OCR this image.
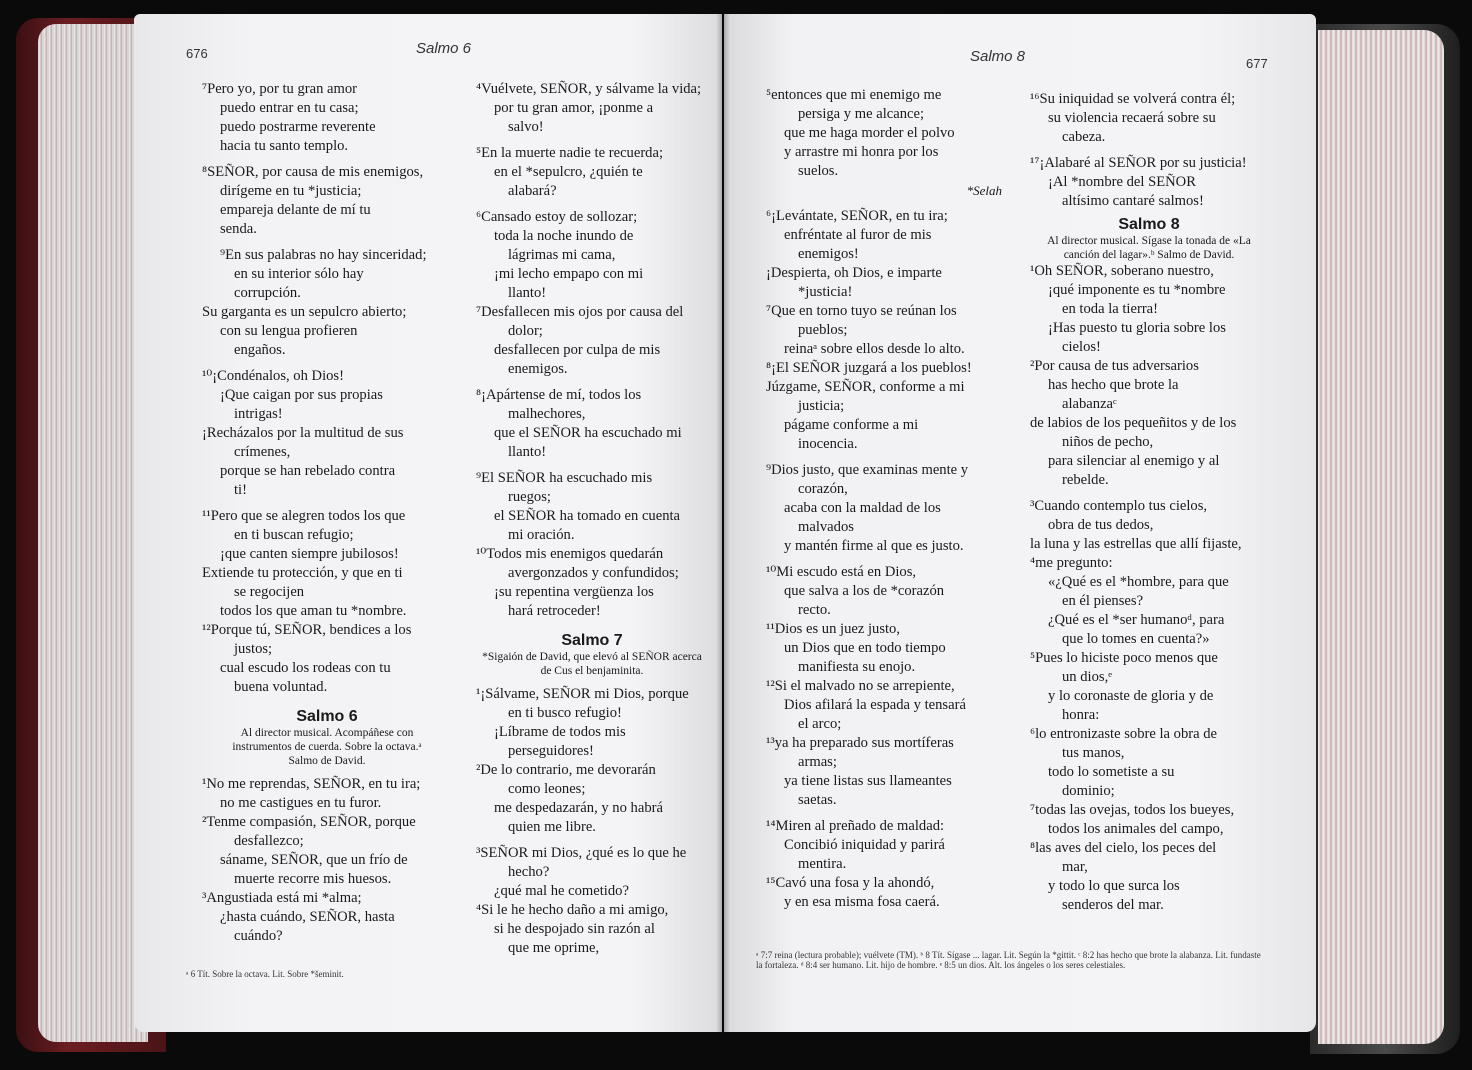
676	Salmo 6

⁷Pero yo, por tu gran amor

puedo entrar en tu casa;

puedo postrarme reverente

hacia tu santo templo.

⁸SEÑOR, por causa de mis enemigos,

dirígeme en tu *justicia;

empareja delante de mí tu

senda.

⁹En sus palabras no hay sinceridad;

en su interior sólo hay

corrupción.

Su garganta es un sepulcro abierto;

con su lengua profieren

engaños.

¹⁰¡Condénalos, oh Dios!

¡Que caigan por sus propias

intrigas!

¡Recházalos por la multitud de sus

crímenes,

porque se han rebelado contra

ti!

¹¹Pero que se alegren todos los que

en ti buscan refugio;

¡que canten siempre jubilosos!

Extiende tu protección, y que en ti

se regocijen

todos los que aman tu *nombre.

¹²Porque tú, SEÑOR, bendices a los

justos;

cual escudo los rodeas con tu

buena voluntad.

Salmo 6

Al director musical. Acompáñese con

instrumentos de cuerda. Sobre la octava.ᵃ

Salmo de David.

¹No me reprendas, SEÑOR, en tu ira;

no me castigues en tu furor.

²Tenme compasión, SEÑOR, porque

desfallezco;

sáname, SEÑOR, que un frío de

muerte recorre mis huesos.

³Angustiada está mi *alma;

¿hasta cuándo, SEÑOR, hasta

cuándo?

⁴Vuélvete, SEÑOR, y sálvame la vida;

por tu gran amor, ¡ponme a

salvo!

⁵En la muerte nadie te recuerda;

en el *sepulcro, ¿quién te

alabará?

⁶Cansado estoy de sollozar;

toda la noche inundo de

lágrimas mi cama,

¡mi lecho empapo con mi

llanto!

⁷Desfallecen mis ojos por causa del

dolor;

desfallecen por culpa de mis

enemigos.

⁸¡Apártense de mí, todos los

malhechores,

que el SEÑOR ha escuchado mi

llanto!

⁹El SEÑOR ha escuchado mis

ruegos;

el SEÑOR ha tomado en cuenta

mi oración.

¹⁰Todos mis enemigos quedarán

avergonzados y confundidos;

¡su repentina vergüenza los

hará retroceder!

Salmo 7

*Sigaión de David, que elevó al SEÑOR acerca

de Cus el benjaminita.

¹¡Sálvame, SEÑOR mi Dios, porque

en ti busco refugio!

¡Líbrame de todos mis

perseguidores!

²De lo contrario, me devorarán

como leones;

me despedazarán, y no habrá

quien me libre.

³SEÑOR mi Dios, ¿qué es lo que he

hecho?

¿qué mal he cometido?

⁴Si le he hecho daño a mi amigo,

si he despojado sin razón al

que me oprime,

ᵃ 6 Tít. Sobre la octava. Lit. Sobre *šeminit.
Salmo 8	677

⁵entonces que mi enemigo me

persiga y me alcance;

que me haga morder el polvo

y arrastre mi honra por los

suelos.

*Selah

⁶¡Levántate, SEÑOR, en tu ira;

enfréntate al furor de mis

enemigos!

¡Despierta, oh Dios, e imparte

*justicia!

⁷Que en torno tuyo se reúnan los

pueblos;

reinaᵃ sobre ellos desde lo alto.

⁸¡El SEÑOR juzgará a los pueblos!

Júzgame, SEÑOR, conforme a mi

justicia;

págame conforme a mi

inocencia.

⁹Dios justo, que examinas mente y

corazón,

acaba con la maldad de los

malvados

y mantén firme al que es justo.

¹⁰Mi escudo está en Dios,

que salva a los de *corazón

recto.

¹¹Dios es un juez justo,

un Dios que en todo tiempo

manifiesta su enojo.

¹²Si el malvado no se arrepiente,

Dios afilará la espada y tensará

el arco;

¹³ya ha preparado sus mortíferas

armas;

ya tiene listas sus llameantes

saetas.

¹⁴Miren al preñado de maldad:

Concibió iniquidad y parirá

mentira.

¹⁵Cavó una fosa y la ahondó,

y en esa misma fosa caerá.

¹⁶Su iniquidad se volverá contra él;

su violencia recaerá sobre su

cabeza.

¹⁷¡Alabaré al SEÑOR por su justicia!

¡Al *nombre del SEÑOR

altísimo cantaré salmos!

Salmo 8

Al director musical. Sígase la tonada de «La

canción del lagar».ᵇ Salmo de David.

¹Oh SEÑOR, soberano nuestro,

¡qué imponente es tu *nombre

en toda la tierra!

¡Has puesto tu gloria sobre los

cielos!

²Por causa de tus adversarios

has hecho que brote la

alabanzaᶜ

de labios de los pequeñitos y de los

niños de pecho,

para silenciar al enemigo y al

rebelde.

³Cuando contemplo tus cielos,

obra de tus dedos,

la luna y las estrellas que allí fijaste,

⁴me pregunto:

«¿Qué es el *hombre, para que

en él pienses?

¿Qué es el *ser humanoᵈ, para

que lo tomes en cuenta?»

⁵Pues lo hiciste poco menos que

un dios,ᵉ

y lo coronaste de gloria y de

honra:

⁶lo entronizaste sobre la obra de

tus manos,

todo lo sometiste a su

dominio;

⁷todas las ovejas, todos los bueyes,

todos los animales del campo,

⁸las aves del cielo, los peces del

mar,

y todo lo que surca los

senderos del mar.

ᵃ 7:7 reina (lectura probable); vuélvete (TM). ᵇ 8 Tít. Sígase ... lagar. Lit. Según la *gittit. ᶜ 8:2 has hecho que brote la alabanza. Lit. fundaste la fortaleza. ᵈ 8:4 ser humano. Lit. hijo de hombre. ᵉ 8:5 un dios. Alt. los ángeles o los seres celestiales.
